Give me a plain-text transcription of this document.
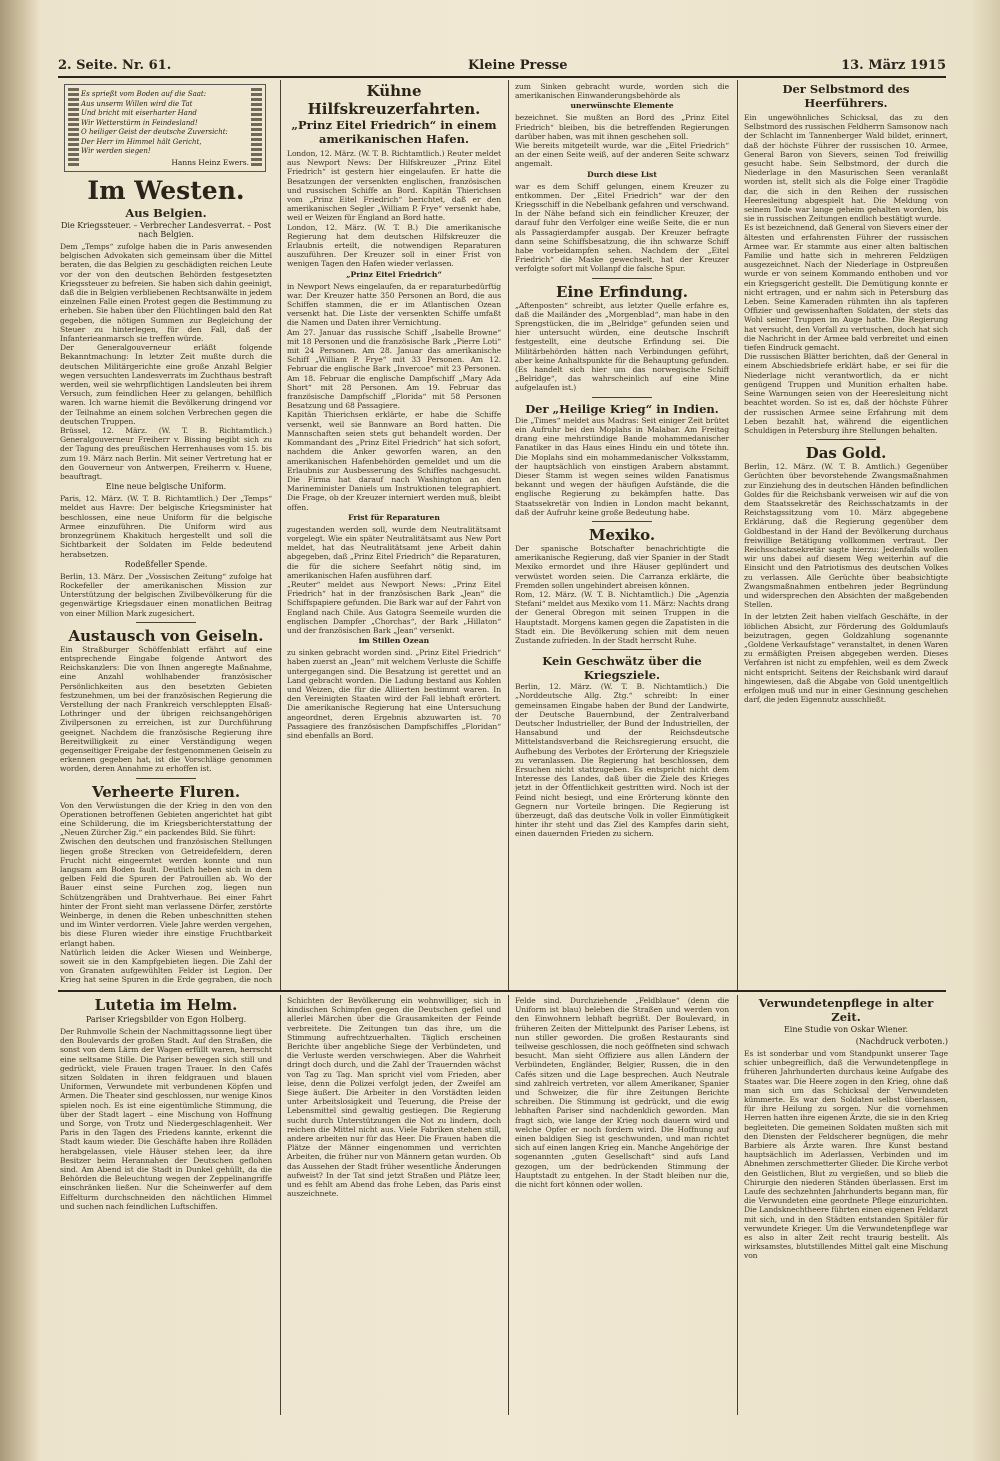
2. Seite. Nr. 61.	Kleine Presse	13. März 1915
Es sprießt vom Boden auf die Saat:
Aus unserm Willen wird die Tat
Und bricht mit eiserharter Hand
Wir Wetterstürm in Feindesland!
O heiliger Geist der deutsche Zuversicht:
Der Herr im Himmel hält Gericht,
Wir werden siegen!
Hanns Heinz Ewers.
Im Westen.
Aus Belgien.

Die Kriegssteuer. – Verbrecher Landesverrat. – Post nach Belgien.

Dem „Temps“ zufolge haben die in Paris anwesenden belgischen Advokaten sich gemeinsam über die Mittel beraten, die das Belgien zu geschädigten reichen Leute vor der von den deutschen Behörden festgesetzten Kriegssteuer zu befreien. Sie haben sich dahin geeinigt, daß die in Belgien verbliebenen Rechtsanwälte in jedem einzelnen Falle einen Protest gegen die Bestimmung zu erheben. Sie haben über den Flüchtlingen bald den Rat gegeben, die nötigen Summen zur Begleichung der Steuer zu hinterlegen, für den Fall, daß der Infanterieanmarsch sie treffen würde.

Der Generalgouverneur erläßt folgende Bekanntmachung: In letzter Zeit mußte durch die deutschen Militärgerichte eine große Anzahl Belgier wegen versuchten Landesverrats im Zuchthaus bestraft werden, weil sie wehrpflichtigen Landsleuten bei ihrem Versuch, zum feindlichen Heer zu gelangen, behilflich waren. Ich warne hiemit die Bevölkerung dringend vor der Teilnahme an einem solchen Verbrechen gegen die deutschen Truppen.

Brüssel, 12. März. (W. T. B. Richtamtlich.) Generalgouverneur Freiherr v. Bissing begibt sich zu der Tagung des preußischen Herrenhauses vom 15. bis zum 19. März nach Berlin. Mit seiner Vertretung hat er den Gouverneur von Antwerpen, Freiherrn v. Huene, beauftragt.

Eine neue belgische Uniform.

Paris, 12. März. (W. T. B. Richtamtlich.) Der „Temps“ meldet aus Havre: Der belgische Kriegsminister hat beschlossen, eine neue Uniform für die belgische Armee einzuführen. Die Uniform wird aus bronzegrünem Khakituch hergestellt und soll die Sichtbarkeit der Soldaten im Felde bedeutend herabsetzen.

Rodeßfeller Spende.

Berlin, 13. März. Der „Vossischen Zeitung“ zufolge hat Rockefeller der amerikanischen Mission zur Unterstützung der belgischen Zivilbevölkerung für die gegenwärtige Kriegsdauer einen monatlichen Beitrag von einer Million Mark zugesichert.

Austausch von Geiseln.

Ein Straßburger Schöffenblatt erfährt auf eine entsprechende Eingabe folgende Antwort des Reichskanzlers: Die von Ihnen angeregte Maßnahme, eine Anzahl wohlhabender französischer Persönlichkeiten aus den besetzten Gebieten festzunehmen, um bei der französischen Regierung die Verstellung der nach Frankreich verschleppten Elsaß-Lothringer und der übrigen reichsangehörigen Zivilpersonen zu erreichen, ist zur Durchführung geeignet. Nachdem die französische Regierung ihre Bereitwilligkeit zu einer Verständigung wegen gegenseitiger Freigabe der festgenommenen Geiseln zu erkennen gegeben hat, ist die Vorschläge genommen worden, deren Annahme zu erhoffen ist.

Verheerte Fluren.

Von den Verwüstungen die der Krieg in den von den Operationen betroffenen Gebieten angerichtet hat gibt eine Schilderung, die im Kriegsberichterstattung der „Neuen Zürcher Zig.“ ein packendes Bild. Sie führt:

Zwischen den deutschen und französischen Stellungen liegen große Strecken von Getreidefeldern, deren Frucht nicht eingeerntet werden konnte und nun langsam am Boden fault. Deutlich heben sich in dem gelben Feld die Spuren der Patrouillen ab. Wo der Bauer einst seine Furchen zog, liegen nun Schützengräben und Drahtverhaue. Bei einer Fahrt hinter der Front sieht man verlassene Dörfer, zerstörte Weinberge, in denen die Reben unbeschnitten stehen und im Winter verdorren. Viele Jahre werden vergehen, bis diese Fluren wieder ihre einstige Fruchtbarkeit erlangt haben.

Natürlich leiden die Acker Wiesen und Weinberge, soweit sie in den Kampfgebieten liegen. Die Zahl der von Granaten aufgewühlten Felder ist Legion. Der Krieg hat seine Spuren in die Erde gegraben, die noch

Kühne Hilfskreuzerfahrten.
„Prinz Eitel Friedrich“ in einem amerikanischen Hafen.

London, 12. März. (W. T. B. Richtamtlich.) Reuter meldet aus Newport News: Der Hilfskreuzer „Prinz Eitel Friedrich“ ist gestern hier eingelaufen. Er hatte die Besatzungen der versenkten englischen, französischen und russischen Schiffe an Bord. Kapitän Thierichsen vom „Prinz Eitel Friedrich“ berichtet, daß er den amerikanischen Segler „William P. Frye“ versenkt habe, weil er Weizen für England an Bord hatte.

London, 12. März. (W. T. B.) Die amerikanische Regierung hat dem deutschen Hilfskreuzer die Erlaubnis erteilt, die notwendigen Reparaturen auszuführen. Der Kreuzer soll in einer Frist von wenigen Tagen den Hafen wieder verlassen.

„Prinz Eitel Friedrich“

in Newport News eingelaufen, da er reparaturbedürftig war. Der Kreuzer hatte 350 Personen an Bord, die aus Schiffen stammen, die er im Atlantischen Ozean versenkt hat. Die Liste der versenkten Schiffe umfaßt die Namen und Daten ihrer Vernichtung.

Am 27. Januar das russische Schiff „Isabelle Browne“ mit 18 Personen und die französische Bark „Pierre Loti“ mit 24 Personen. Am 28. Januar das amerikanische Schiff „William P. Frye“ mit 33 Personen. Am 12. Februar die englische Bark „Invercoe“ mit 23 Personen. Am 18. Februar die englische Dampfschiff „Mary Ada Short“ mit 28 Personen. Am 19. Februar das französische Dampfschiff „Florida“ mit 58 Personen Besatzung und 68 Passagiere.

Kapitän Thierichsen erklärte, er habe die Schiffe versenkt, weil sie Bannware an Bord hatten. Die Mannschaften seien stets gut behandelt worden. Der Kommandant des „Prinz Eitel Friedrich“ hat sich sofort, nachdem die Anker geworfen waren, an den amerikanischen Hafenbehörden gemeldet und um die Erlaubnis zur Ausbesserung des Schiffes nachgesucht. Die Firma hat darauf nach Washington an den Marineminister Daniels um Instruktionen telegraphiert. Die Frage, ob der Kreuzer interniert werden muß, bleibt offen.

Frist für Reparaturen

zugestanden werden soll, wurde dem Neutralitätsamt vorgelegt. Wie ein später Neutralitätsamt aus New Port meldet, hat das Neutralitätsamt jene Arbeit dahin abgegeben, daß „Prinz Eitel Friedrich“ die Reparaturen, die für die sichere Seefahrt nötig sind, im amerikanischen Hafen ausführen darf.

„Reuter“ meldet aus Newport News: „Prinz Eitel Friedrich“ hat in der französischen Bark „Jean“ die Schiffspapiere gefunden. Die Bark war auf der Fahrt von England nach Chile. Aus Gatogra Seemeile wurden die englischen Dampfer „Chorchas“, der Bark „Hillaton“ und der französischen Bark „Jean“ versenkt.

im Stillen Ozean

zu sinken gebracht worden sind. „Prinz Eitel Friedrich“ haben zuerst an „Jean“ mit welchem Verluste die Schiffe untergegangen sind. Die Besatzung ist gerettet und an Land gebracht worden. Die Ladung bestand aus Kohlen und Weizen, die für die Alliierten bestimmt waren. In den Vereinigten Staaten wird der Fall lebhaft erörtert. Die amerikanische Regierung hat eine Untersuchung angeordnet, deren Ergebnis abzuwarten ist. 70 Passagiere des französischen Dampfschiffes „Floridan“ sind ebenfalls an Bord.

zum Sinken gebracht wurde, worden sich die amerikanischen Einwanderungsbehörde als

unerwünschte Elemente

bezeichnet. Sie mußten an Bord des „Prinz Eitel Friedrich“ bleiben, bis die betreffenden Regierungen darüber haben, was mit ihnen geschehen soll.

Wie bereits mitgeteilt wurde, war die „Eitel Friedrich“ an der einen Seite weiß, auf der anderen Seite schwarz angemalt.

Durch diese List

war es dem Schiff gelungen, einem Kreuzer zu entkommen. Der „Eitel Friedrich“ war der den Kriegsschiff in die Nebelbank gefahren und verschwand. In der Nähe befand sich ein feindlicher Kreuzer, der darauf fuhr den Verfolger eine weiße Seite, die er nun als Passagierdampfer ausgab. Der Kreuzer befragte dann seine Schiffsbesatzung, die ihn schwarze Schiff habe vorbeidampfen sehen. Nachdem der „Eitel Friedrich“ die Maske gewechselt, hat der Kreuzer verfolgte sofort mit Vollanpf die falsche Spur.

Eine Erfindung.

„Aftenposten“ schreibt, aus letzter Quelle erfahre es, daß die Mailänder des „Morgenblad“, man habe in den Sprengstücken, die im „Belridge“ gefunden seien und hier untersucht würden, eine deutsche Inschrift festgestellt, eine deutsche Erfindung sei. Die Militärbehörden hätten nach Verbindungen geführt, aber keine Anhaltspunkte für die Behauptung gefunden. (Es handelt sich hier um das norwegische Schiff „Belridge“, das wahrscheinlich auf eine Mine aufgelaufen ist.)

Der „Heilige Krieg“ in Indien.

Die „Times“ meldet aus Madras: Seit einiger Zeit brütet ein Aufruhr bei den Moplahs in Malabar. Am Freitag drang eine mehrstündige Bande mohammedanischer Fanatiker in das Haus eines Hindu ein und tötete ihn. Die Moplahs sind ein mohammedanischer Volksstamm, der hauptsächlich von einstigen Arabern abstammt. Dieser Stamm ist wegen seines wilden Fanatismus bekannt und wegen der häufigen Aufstände, die die englische Regierung zu bekämpfen hatte. Das Staatssekretär von Indien in London macht bekannt, daß der Aufruhr keine große Bedeutung habe.

Mexiko.

Der spanische Botschafter benachrichtigte die amerikanische Regierung, daß vier Spanier in der Stadt Mexiko ermordet und ihre Häuser geplündert und verwüstet worden seien. Die Carranza erklärte, die Fremden sollen ungehindert abreisen können.

Rom, 12. März. (W. T. B. Nichtamtlich.) Die „Agenzia Stefani“ meldet aus Mexiko vom 11. März: Nachts drang der General Obregon mit seinen Truppen in die Hauptstadt. Morgens kamen gegen die Zapatisten in die Stadt ein. Die Bevölkerung schien mit dem neuen Zustande zufrieden. In der Stadt herrscht Ruhe.

Kein Geschwätz über die Kriegsziele.

Berlin, 12. März. (W. T. B. Nichtamtlich.) Die „Norddeutsche Allg. Ztg.“ schreibt: In einer gemeinsamen Eingabe haben der Bund der Landwirte, der Deutsche Bauernbund, der Zentralverband Deutscher Industrieller, der Bund der Industriellen, der Hansabund und der Reichsdeutsche Mittelstandsverband die Reichsregierung ersucht, die Aufhebung des Verbotes der Erörterung der Kriegsziele zu veranlassen. Die Regierung hat beschlossen, dem Ersuchen nicht stattzugeben. Es entspricht nicht dem Interesse des Landes, daß über die Ziele des Krieges jetzt in der Öffentlichkeit gestritten wird. Noch ist der Feind nicht besiegt, und eine Erörterung könnte den Gegnern nur Vorteile bringen. Die Regierung ist überzeugt, daß das deutsche Volk in voller Einmütigkeit hinter ihr steht und das Ziel des Kampfes darin sieht, einen dauernden Frieden zu sichern.

Der Selbstmord des Heerführers.

Ein ungewöhnliches Schicksal, das zu den Selbstmord des russischen Feldherrn Samsonow nach der Schlacht im Tannenberger Wald bildet, erinnert, daß der höchste Führer der russischen 10. Armee, General Baron von Sievers, seinen Tod freiwillig gesucht habe. Sein Selbstmord, der durch die Niederlage in den Masurischen Seen veranlaßt worden ist, stellt sich als die Folge einer Tragödie dar, die sich in den Reihen der russischen Heeresleitung abgespielt hat. Die Meldung von seinem Tode war lange geheim gehalten worden, bis sie in russischen Zeitungen endlich bestätigt wurde.

Es ist bezeichnend, daß General von Sievers einer der ältesten und erfahrensten Führer der russischen Armee war. Er stammte aus einer alten baltischen Familie und hatte sich in mehreren Feldzügen ausgezeichnet. Nach der Niederlage in Ostpreußen wurde er von seinem Kommando enthoben und vor ein Kriegsgericht gestellt. Die Demütigung konnte er nicht ertragen, und er nahm sich in Petersburg das Leben. Seine Kameraden rühmten ihn als tapferen Offizier und gewissenhaften Soldaten, der stets das Wohl seiner Truppen im Auge hatte. Die Regierung hat versucht, den Vorfall zu vertuschen, doch hat sich die Nachricht in der Armee bald verbreitet und einen tiefen Eindruck gemacht.

Die russischen Blätter berichten, daß der General in einem Abschiedsbriefe erklärt habe, er sei für die Niederlage nicht verantwortlich, da er nicht genügend Truppen und Munition erhalten habe. Seine Warnungen seien von der Heeresleitung nicht beachtet worden. So ist es, daß der höchste Führer der russischen Armee seine Erfahrung mit dem Leben bezahlt hat, während die eigentlichen Schuldigen in Petersburg ihre Stellungen behalten.

Das Gold.

Berlin, 12. März. (W. T. B. Amtlich.) Gegenüber Gerüchten über bevorstehende Zwangsmaßnahmen zur Einziehung des in deutschen Händen befindlichen Goldes für die Reichsbank verweisen wir auf die von dem Staatssekretär des Reichsschatzamts in der Reichstagssitzung vom 10. März abgegebene Erklärung, daß die Regierung gegenüber dem Goldbestand in der Hand der Bevölkerung durchaus freiwillige Betätigung vollkommen vertraut. Der Reichsschatzsekretär sagte hierzu: Jedenfalls wollen wir uns dabei auf diesem Weg weiterhin auf die Einsicht und den Patriotismus des deutschen Volkes zu verlassen. Alle Gerüchte über beabsichtigte Zwangsmaßnahmen entbehren jeder Begründung und widersprechen den Absichten der maßgebenden Stellen.

In der letzten Zeit haben vielfach Geschäfte, in der löblichen Absicht, zur Förderung des Goldumlaufs beizutragen, gegen Goldzahlung sogenannte „Goldene Verkaufstage“ veranstaltet, in denen Waren zu ermäßigten Preisen abgegeben werden. Dieses Verfahren ist nicht zu empfehlen, weil es dem Zweck nicht entspricht. Seitens der Reichsbank wird darauf hingewiesen, daß die Abgabe von Gold unentgeltlich erfolgen muß und nur in einer Gesinnung geschehen darf, die jeden Eigennutz ausschließt.

Lutetia im Helm.

Pariser Kriegsbilder von Egon Holberg.

Der Ruhmvolle Schein der Nachmittagssonne liegt über den Boulevards der großen Stadt. Auf den Straßen, die sonst von dem Lärm der Wagen erfüllt waren, herrscht eine seltsame Stille. Die Pariser bewegen sich still und gedrückt, viele Frauen tragen Trauer. In den Cafés sitzen Soldaten in ihren feldgrauen und blauen Uniformen, Verwundete mit verbundenen Köpfen und Armen. Die Theater sind geschlossen, nur wenige Kinos spielen noch. Es ist eine eigentümliche Stimmung, die über der Stadt lagert – eine Mischung von Hoffnung und Sorge, von Trotz und Niedergeschlagenheit. Wer Paris in den Tagen des Friedens kannte, erkennt die Stadt kaum wieder. Die Geschäfte haben ihre Rolläden herabgelassen, viele Häuser stehen leer, da ihre Besitzer beim Herannahen der Deutschen geflohen sind. Am Abend ist die Stadt in Dunkel gehüllt, da die Behörden die Beleuchtung wegen der Zeppelinangriffe einschränken ließen. Nur die Scheinwerfer auf dem Eiffelturm durchschneiden den nächtlichen Himmel und suchen nach feindlichen Luftschiffen.

Schichten der Bevölkerung ein wohnwilliger, sich in kindischen Schimpfen gegen die Deutschen gefiel und allerlei Märchen über die Grausamkeiten der Feinde verbreitete. Die Zeitungen tun das ihre, um die Stimmung aufrechtzuerhalten. Täglich erscheinen Berichte über angebliche Siege der Verbündeten, und die Verluste werden verschwiegen. Aber die Wahrheit dringt doch durch, und die Zahl der Trauernden wächst von Tag zu Tag. Man spricht viel vom Frieden, aber leise, denn die Polizei verfolgt jeden, der Zweifel am Siege äußert. Die Arbeiter in den Vorstädten leiden unter Arbeitslosigkeit und Teuerung, die Preise der Lebensmittel sind gewaltig gestiegen. Die Regierung sucht durch Unterstützungen die Not zu lindern, doch reichen die Mittel nicht aus. Viele Fabriken stehen still, andere arbeiten nur für das Heer. Die Frauen haben die Plätze der Männer eingenommen und verrichten Arbeiten, die früher nur von Männern getan wurden. Ob das Aussehen der Stadt früher wesentliche Änderungen aufweist? In der Tat sind jetzt Straßen und Plätze leer, und es fehlt am Abend das frohe Leben, das Paris einst auszeichnete.

Felde sind. Durchziehende „Feldblaue“ (denn die Uniform ist blau) beleben die Straßen und werden von den Einwohnern lebhaft begrüßt. Der Boulevard, in früheren Zeiten der Mittelpunkt des Pariser Lebens, ist nun stiller geworden. Die großen Restaurants sind teilweise geschlossen, die noch geöffneten sind schwach besucht. Man sieht Offiziere aus allen Ländern der Verbündeten, Engländer, Belgier, Russen, die in den Cafés sitzen und die Lage besprechen. Auch Neutrale sind zahlreich vertreten, vor allem Amerikaner, Spanier und Schweizer, die für ihre Zeitungen Berichte schreiben. Die Stimmung ist gedrückt, und die ewig lebhaften Pariser sind nachdenklich geworden. Man fragt sich, wie lange der Krieg noch dauern wird und welche Opfer er noch fordern wird. Die Hoffnung auf einen baldigen Sieg ist geschwunden, und man richtet sich auf einen langen Krieg ein. Manche Angehörige der sogenannten „guten Gesellschaft“ sind aufs Land gezogen, um der bedrückenden Stimmung der Hauptstadt zu entgehen. In der Stadt bleiben nur die, die nicht fort können oder wollen.

Verwundetenpflege in alter Zeit.

Eine Studie von Oskar Wiener.

(Nachdruck verboten.)

Es ist sonderbar und vom Standpunkt unserer Tage schier unbegreiflich, daß die Verwundetenpflege in früheren Jahrhunderten durchaus keine Aufgabe des Staates war. Die Heere zogen in den Krieg, ohne daß man sich um das Schicksal der Verwundeten kümmerte. Es war den Soldaten selbst überlassen, für ihre Heilung zu sorgen. Nur die vornehmen Herren hatten ihre eigenen Ärzte, die sie in den Krieg begleiteten. Die gemeinen Soldaten mußten sich mit den Diensten der Feldscherer begnügen, die mehr Barbiere als Ärzte waren. Ihre Kunst bestand hauptsächlich im Aderlassen, Verbinden und im Abnehmen zerschmetterter Glieder. Die Kirche verbot den Geistlichen, Blut zu vergießen, und so blieb die Chirurgie den niederen Ständen überlassen. Erst im Laufe des sechzehnten Jahrhunderts begann man, für die Verwundeten eine geordnete Pflege einzurichten. Die Landsknechtheere führten einen eigenen Feldarzt mit sich, und in den Städten entstanden Spitäler für verwundete Krieger. Um die Verwundetenpflege war es also in alter Zeit recht traurig bestellt. Als wirksamstes, blutstillendes Mittel galt eine Mischung von
